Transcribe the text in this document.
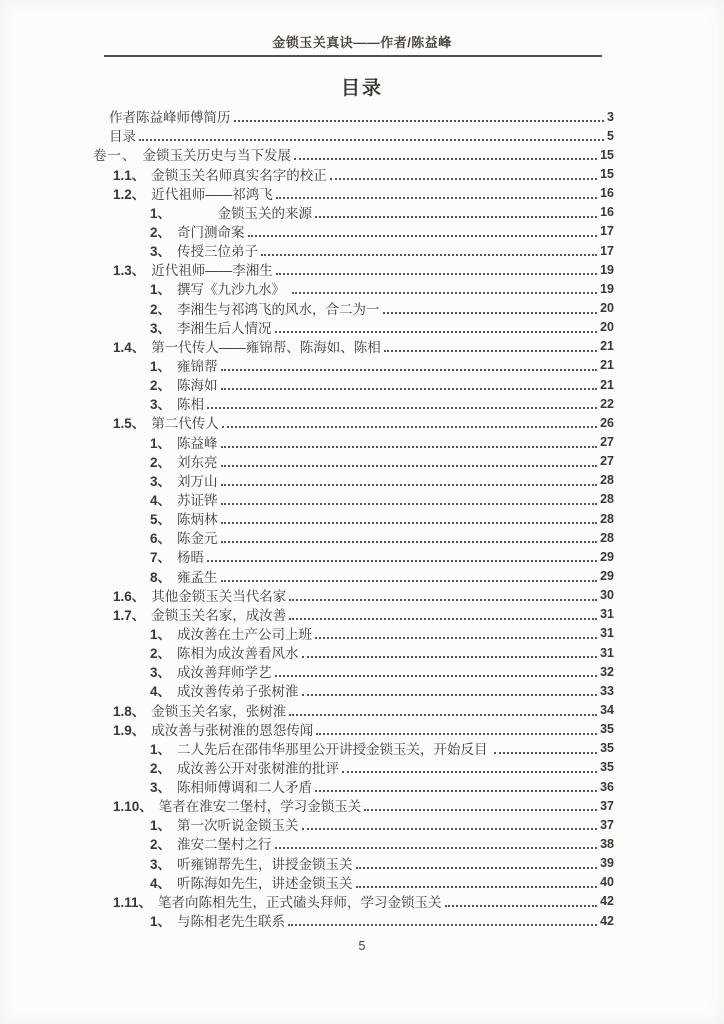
金锁玉关真诀——作者/陈益峰
目录
作者陈益峰师傅简历	3
目录	5
卷一、 金锁玉关历史与当下发展	15
1.1、 金锁玉关名师真实名字的校正	15
1.2、 近代祖师——祁鸿飞	16
1、 　　　金锁玉关的来源	16
2、 奇门测命案	17
3、 传授三位弟子	17
1.3、 近代祖师——李湘生	19
1、 撰写《九沙九水》	19
2、 李湘生与祁鸿飞的风水，合二为一	20
3、 李湘生后人情况	20
1.4、 第一代传人——雍锦帮、陈海如、陈相	21
1、 雍锦帮	21
2、 陈海如	21
3、 陈相	22
1.5、 第二代传人	26
1、 陈益峰	27
2、 刘东亮	27
3、 刘万山	28
4、 苏证铧	28
5、 陈炳林	28
6、 陈金元	28
7、 杨晤	29
8、 雍孟生	29
1.6、 其他金锁玉关当代名家	30
1.7、 金锁玉关名家，成汝善	31
1、 成汝善在土产公司上班	31
2、 陈相为成汝善看风水	31
3、 成汝善拜师学艺	32
4、 成汝善传弟子张树淮	33
1.8、 金锁玉关名家，张树淮	34
1.9、 成汝善与张树淮的恩怨传闻	35
1、 二人先后在邵伟华那里公开讲授金锁玉关，开始反目	35
2、 成汝善公开对张树淮的批评	35
3、 陈相师傅调和二人矛盾	36
1.10、 笔者在淮安二堡村，学习金锁玉关	37
1、 第一次听说金锁玉关	37
2、 淮安二堡村之行	38
3、 听雍锦帮先生，讲授金锁玉关	39
4、 听陈海如先生，讲述金锁玉关	40
1.11、 笔者向陈相先生，正式磕头拜师，学习金锁玉关	42
1、 与陈相老先生联系	42
5
